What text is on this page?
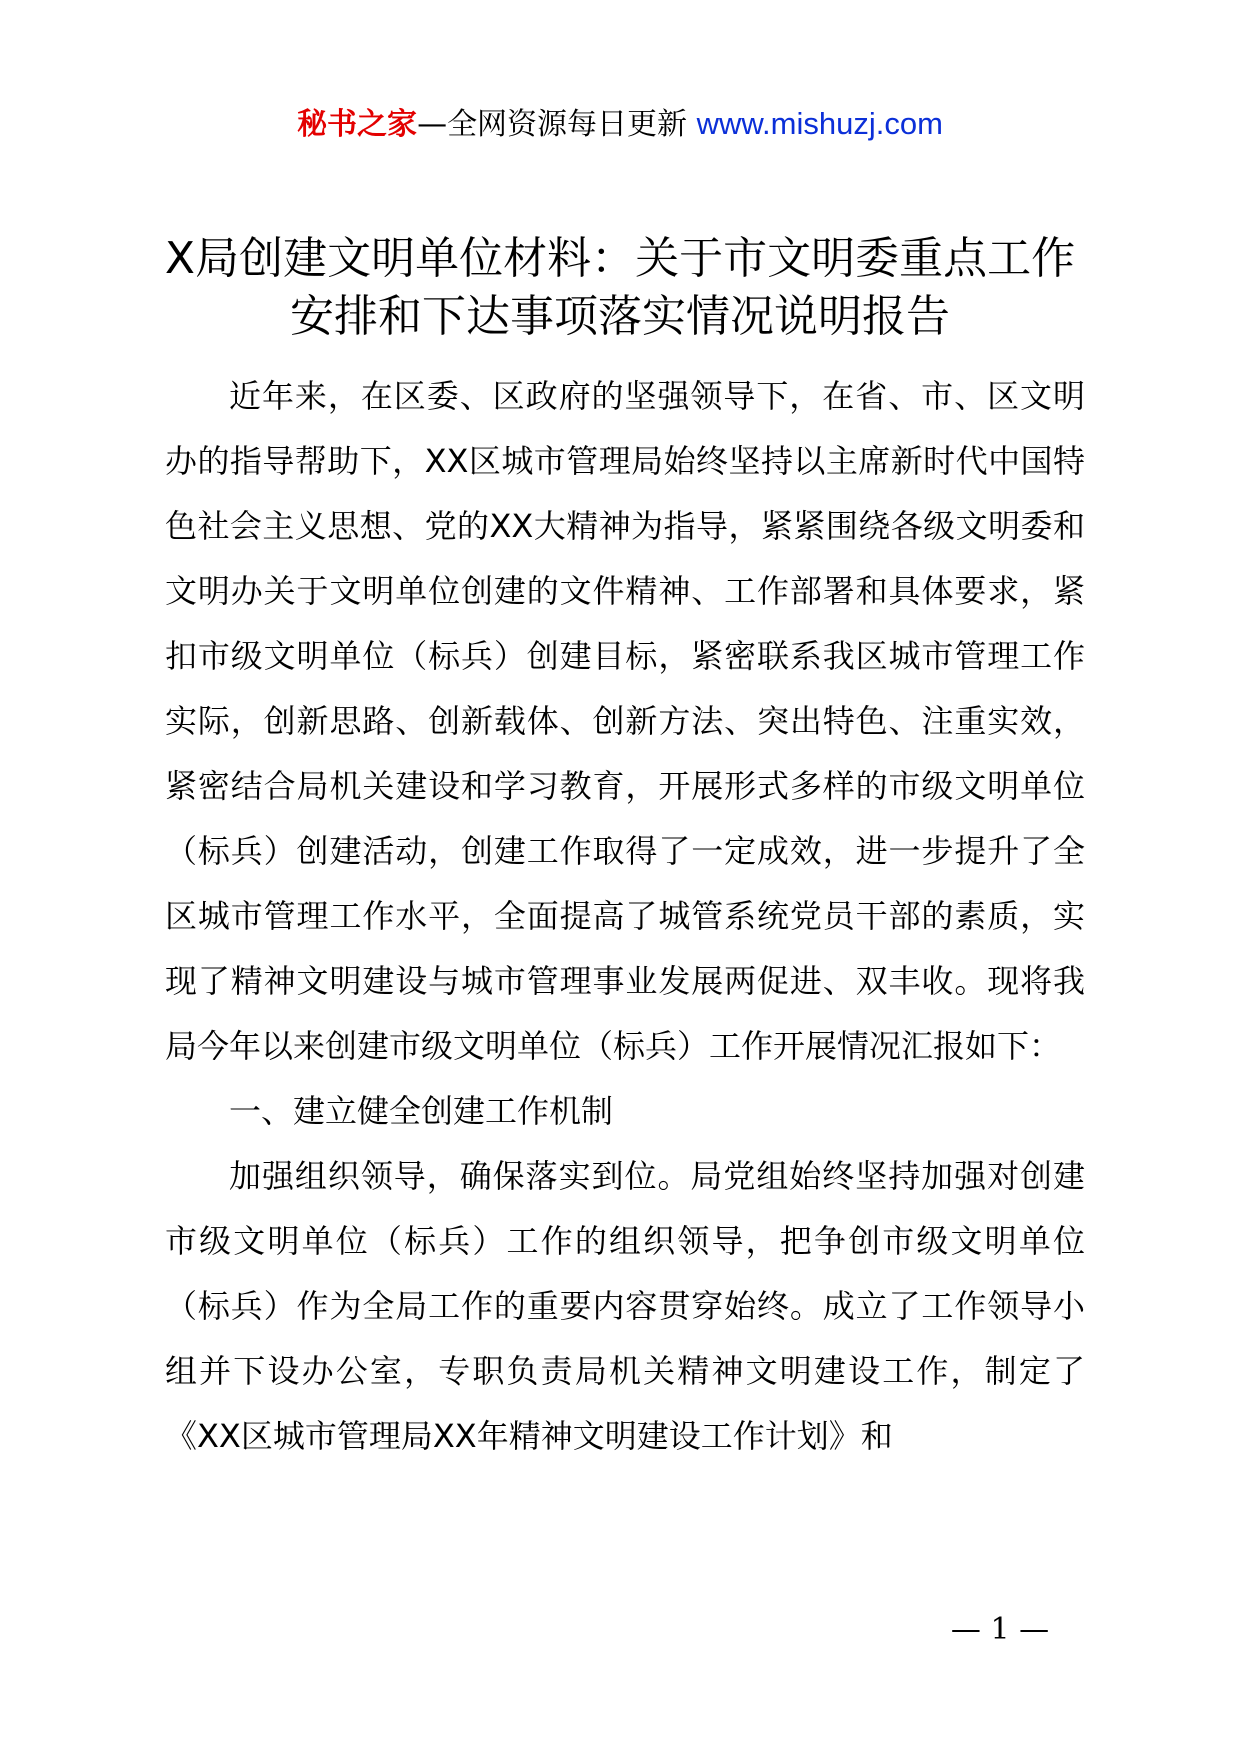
秘书之家—全网资源每日更新 www.mishuzj.com
X局创建文明单位材料：关于市文明委重点工作安排和下达事项落实情况说明报告

近年来，在区委、区政府的坚强领导下，在省、市、区文明办的指导帮助下，XX区城市管理局始终坚持以主席新时代中国特色社会主义思想、党的XX大精神为指导，紧紧围绕各级文明委和文明办关于文明单位创建的文件精神、工作部署和具体要求，紧扣市级文明单位（标兵）创建目标，紧密联系我区城市管理工作实际，创新思路、创新载体、创新方法、突出特色、注重实效，紧密结合局机关建设和学习教育，开展形式多样的市级文明单位（标兵）创建活动，创建工作取得了一定成效，进一步提升了全区城市管理工作水平，全面提高了城管系统党员干部的素质，实现了精神文明建设与城市管理事业发展两促进、双丰收。现将我局今年以来创建市级文明单位（标兵）工作开展情况汇报如下：

一、建立健全创建工作机制

加强组织领导，确保落实到位。局党组始终坚持加强对创建市级文明单位（标兵）工作的组织领导，把争创市级文明单位（标兵）作为全局工作的重要内容贯穿始终。成立了工作领导小组并下设办公室，专职负责局机关精神文明建设工作，制定了《XX区城市管理局XX年精神文明建设工作计划》和

— 1 —
